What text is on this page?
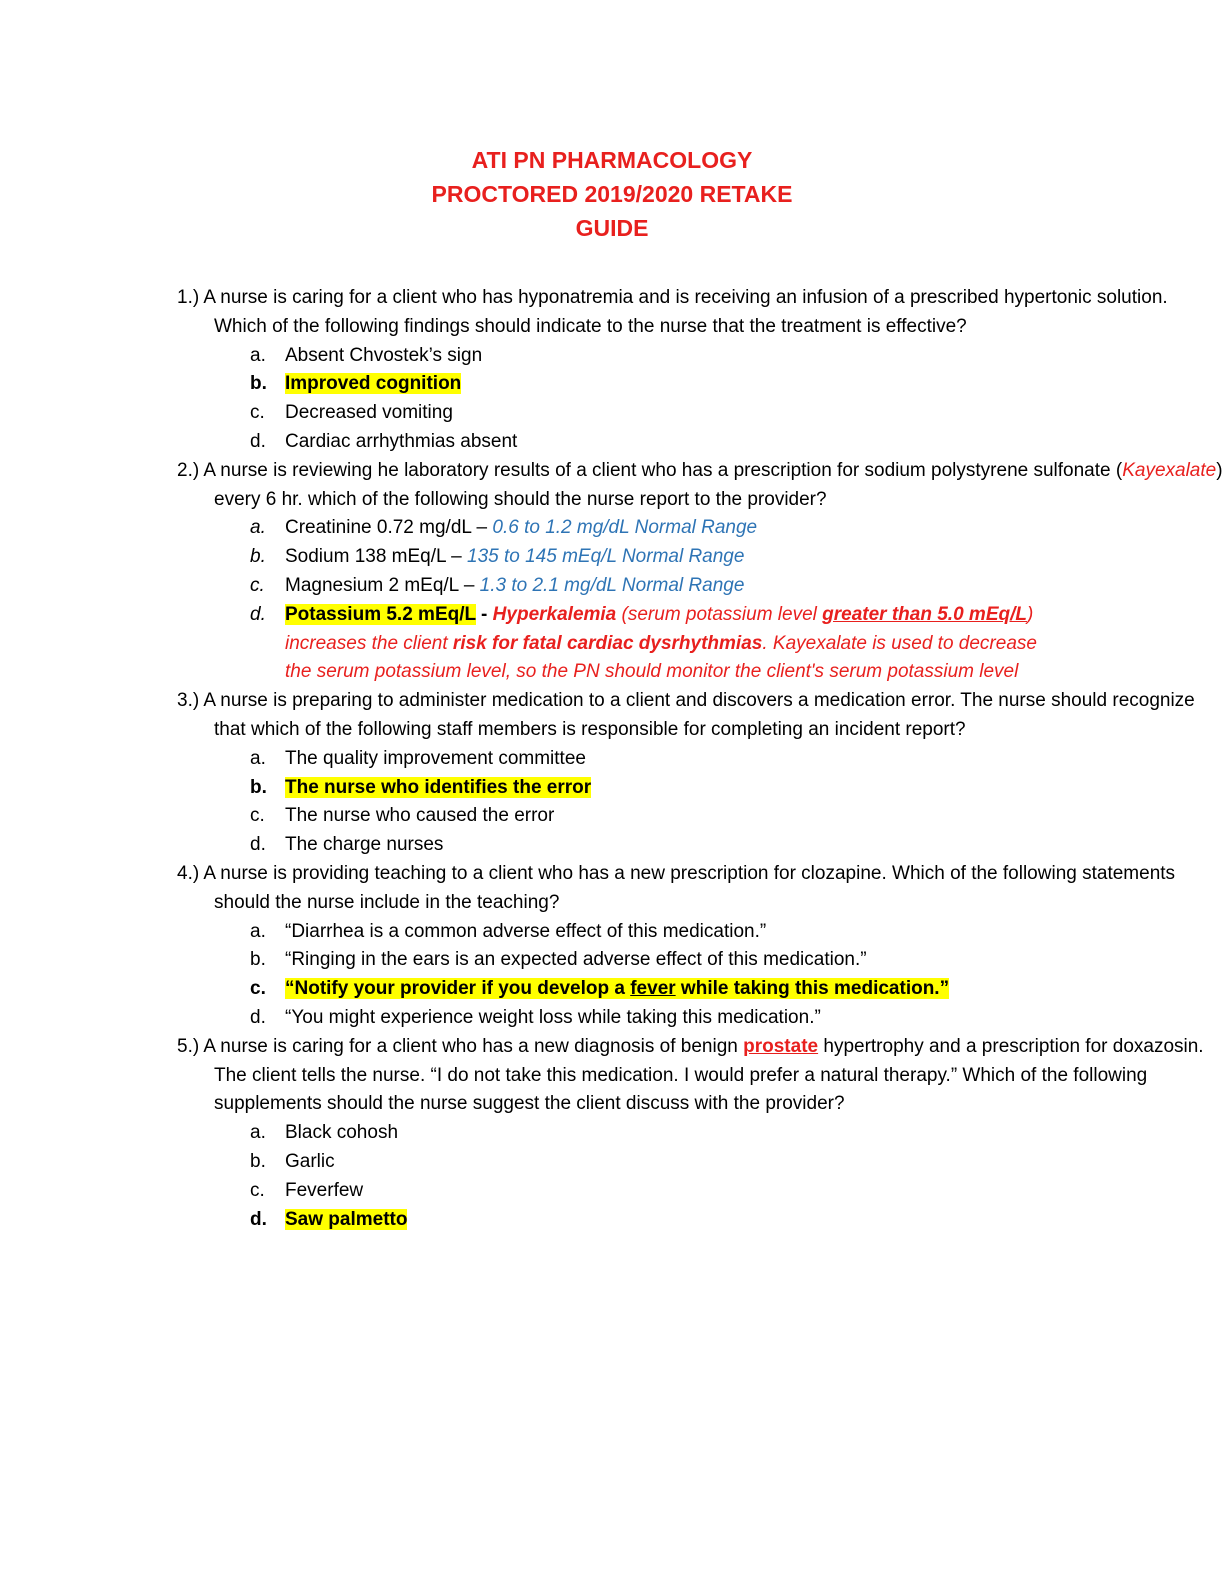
ATI PN PHARMACOLOGY
PROCTORED 2019/2020 RETAKE
GUIDE

1.) A nurse is caring for a client who has hyponatremia and is receiving an infusion of a prescribed hypertonic solution. Which of the following findings should indicate to the nurse that the treatment is effective?

a. Absent Chvostek’s sign

b. Improved cognition

c. Decreased vomiting

d. Cardiac arrhythmias absent

2.) A nurse is reviewing he laboratory results of a client who has a prescription for sodium polystyrene sulfonate (Kayexalate) every 6 hr. which of the following should the nurse report to the provider?

a. Creatinine 0.72 mg/dL – 0.6 to 1.2 mg/dL Normal Range

b. Sodium 138 mEq/L – 135 to 145 mEq/L Normal Range

c. Magnesium 2 mEq/L – 1.3 to 2.1 mg/dL Normal Range

d. Potassium 5.2 mEq/L - Hyperkalemia (serum potassium level greater than 5.0 mEq/L) increases the client risk for fatal cardiac dysrhythmias. Kayexalate is used to decrease the serum potassium level, so the PN should monitor the client's serum potassium level

3.) A nurse is preparing to administer medication to a client and discovers a medication error. The nurse should recognize that which of the following staff members is responsible for completing an incident report?

a. The quality improvement committee

b. The nurse who identifies the error

c. The nurse who caused the error

d. The charge nurses

4.) A nurse is providing teaching to a client who has a new prescription for clozapine. Which of the following statements should the nurse include in the teaching?

a. “Diarrhea is a common adverse effect of this medication.”

b. “Ringing in the ears is an expected adverse effect of this medication.”

c. “Notify your provider if you develop a fever while taking this medication.”

d. “You might experience weight loss while taking this medication.”

5.) A nurse is caring for a client who has a new diagnosis of benign prostate hypertrophy and a prescription for doxazosin. The client tells the nurse. “I do not take this medication. I would prefer a natural therapy.” Which of the following supplements should the nurse suggest the client discuss with the provider?

a. Black cohosh

b. Garlic

c. Feverfew

d. Saw palmetto
